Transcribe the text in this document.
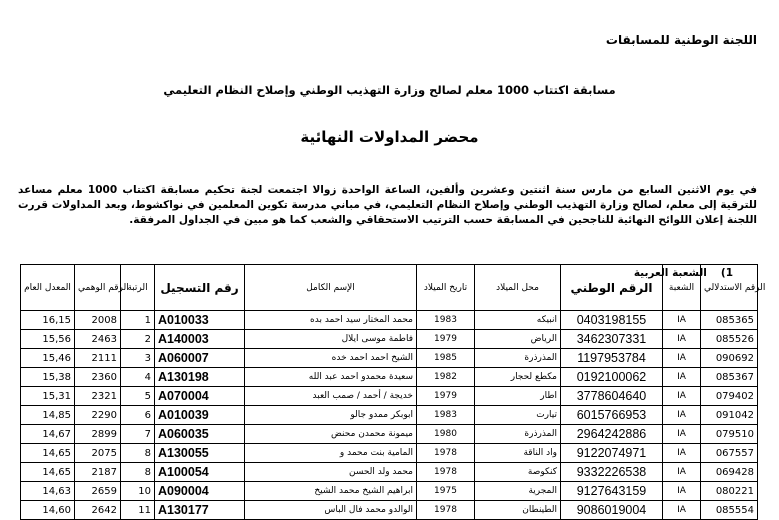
اللجنة الوطنية للمسابقات
مسابقة اكتتاب 1000 معلم لصالح وزارة التهذيب الوطني وإصلاح النظام التعليمي
محضر المداولات النهائية
في يوم الاثنين السابع من مارس سنة اثنتين وعشرين وألفين، الساعة الواحدة زوالا اجتمعت لجنة تحكيم مسابقة اكتتاب 1000 معلم مساعد للترقية إلى معلم، لصالح وزارة التهذيب الوطني وإصلاح النظام التعليمي، في مباني مدرسة تكوين المعلمين في نواكشوط، وبعد المداولات قررت اللجنة إعلان اللوائح النهائية للناجحين في المسابقة حسب الترتيب الاستحقاقي والشعب كما هو مبين في الجداول المرفقة.
المعدل العام	الرقم الوهمي	الرتبة	رقم التسجيل	الإسم الكامل	تاريخ الميلاد	محل الميلاد	الرقم الوطني	الشعبة	الرقم الاستدلالي
16,15	2008	1	A010033	محمد المختار سيد احمد بده	1983	انبيكه	0403198155	IA	085365
15,56	2463	2	A140003	فاطمة موسى ايلال	1979	الرياض	3462307331	IA	085526
15,46	2111	3	A060007	الشيخ احمد احمد خده	1985	المذرذرة	1197953784	IA	090692
15,38	2360	4	A130198	سعيدة محمدو احمد عبد الله	1982	مكطع لحجار	0192100062	IA	085367
15,31	2321	5	A070004	خديجة / أحمد / صمب العبد	1979	اطار	3778604640	IA	079402
14,85	2290	6	A010039	ابوبكر ممدو جالو	1983	تيارت	6015766953	IA	091042
14,67	2899	7	A060035	ميمونة محمدن محنض	1980	المذرذرة	2964242886	IA	079510
14,65	2075	8	A130055	المامية بنت محمد و	1978	واد الناقة	9122074971	IA	067557
14,65	2187	8	A100054	محمد ولد الحسن	1978	كنكوصة	9332226538	IA	069428
14,63	2659	10	A090004	ابراهيم الشيخ محمد الشيخ	1975	المجرية	9127643159	IA	080221
14,60	2642	11	A130177	الوالدو محمد فال الباس	1978	الطينطان	9086019004	IA	085554
1)الشعبة العربية
